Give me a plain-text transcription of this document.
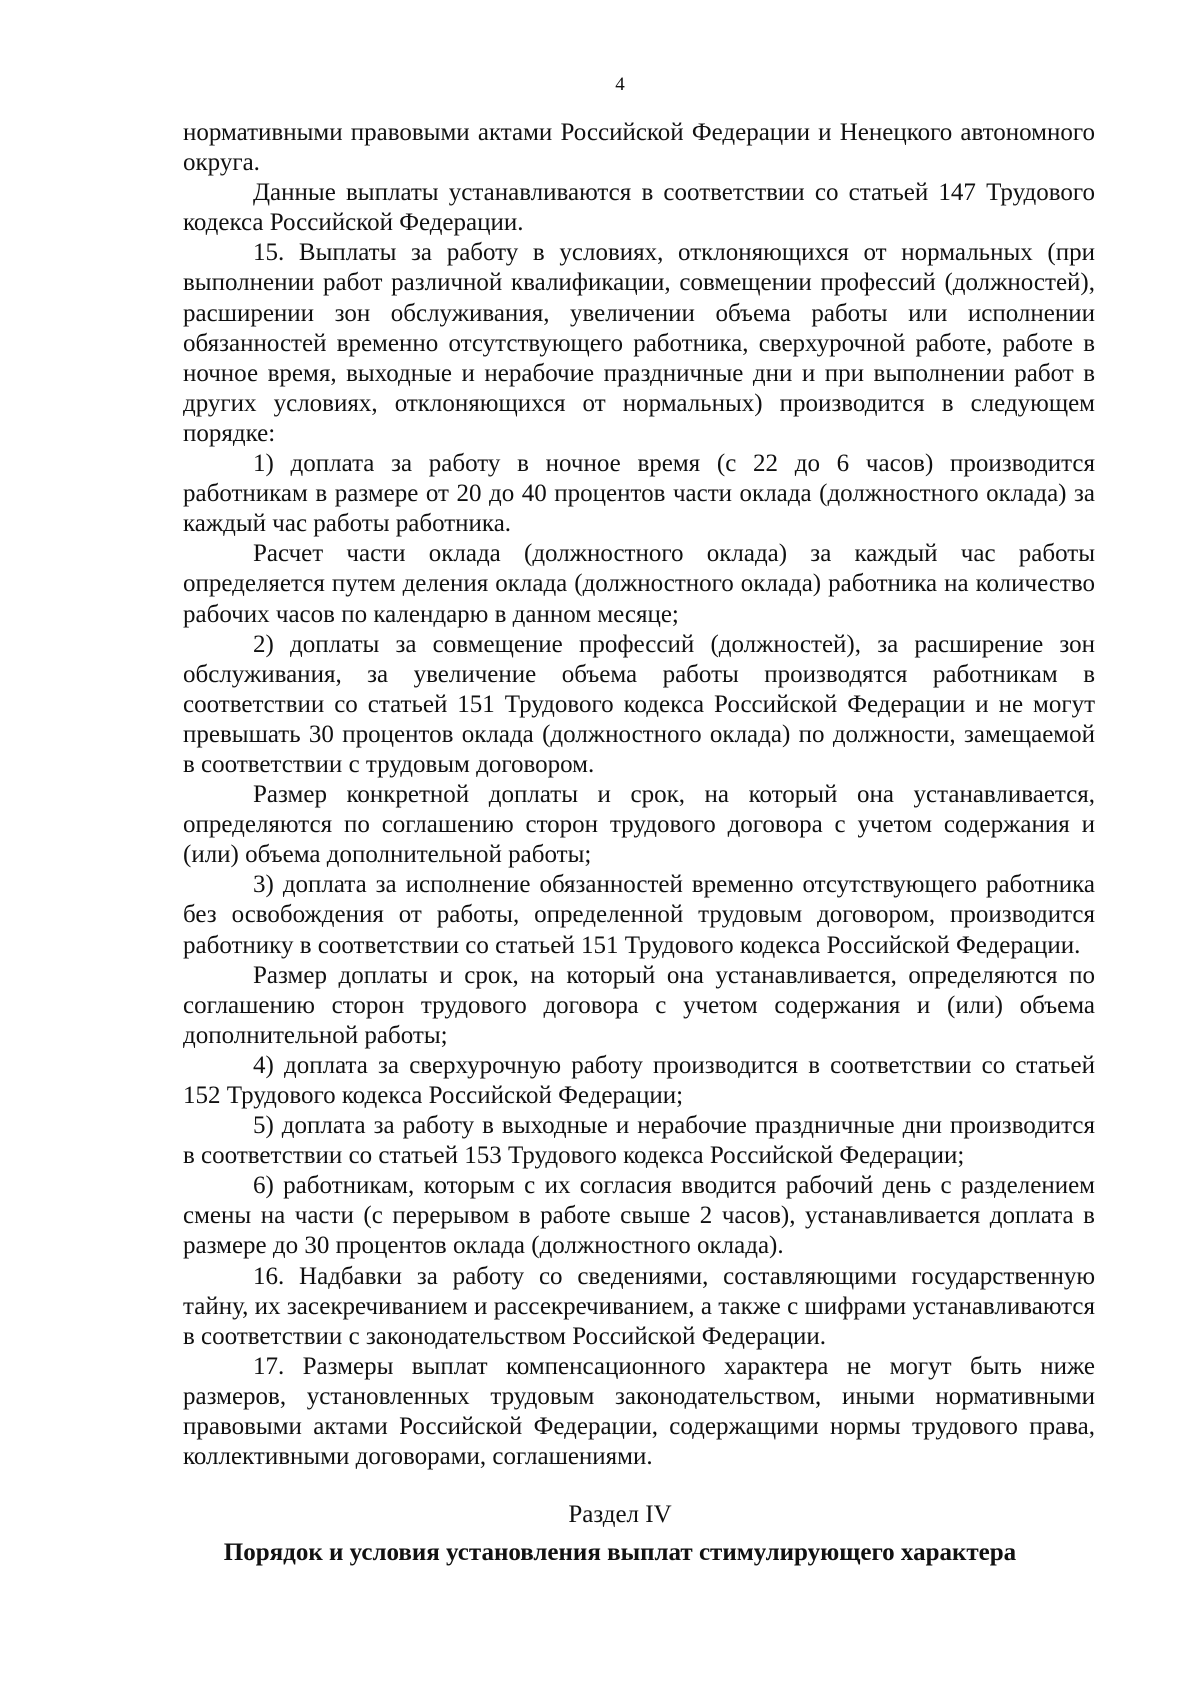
4

нормативными правовыми актами Российской Федерации и Ненецкого автономного округа.

Данные выплаты устанавливаются в соответствии со статьей 147 Трудового кодекса Российской Федерации.

15. Выплаты за работу в условиях, отклоняющихся от нормальных (при выполнении работ различной квалификации, совмещении профессий (должностей), расширении зон обслуживания, увеличении объема работы или исполнении обязанностей временно отсутствующего работника, сверхурочной работе, работе в ночное время, выходные и нерабочие праздничные дни и при выполнении работ в других условиях, отклоняющихся от нормальных) производится в следующем порядке:

1) доплата за работу в ночное время (с 22 до 6 часов) производится работникам в размере от 20 до 40 процентов части оклада (должностного оклада) за каждый час работы работника.

Расчет части оклада (должностного оклада) за каждый час работы определяется путем деления оклада (должностного оклада) работника на количество рабочих часов по календарю в данном месяце;

2) доплаты за совмещение профессий (должностей), за расширение зон обслуживания, за увеличение объема работы производятся работникам в соответствии со статьей 151 Трудового кодекса Российской Федерации и не могут превышать 30 процентов оклада (должностного оклада) по должности, замещаемой в соответствии с трудовым договором.

Размер конкретной доплаты и срок, на который она устанавливается, определяются по соглашению сторон трудового договора с учетом содержания и (или) объема дополнительной работы;

3) доплата за исполнение обязанностей временно отсутствующего работника без освобождения от работы, определенной трудовым договором, производится работнику в соответствии со статьей 151 Трудового кодекса Российской Федерации.

Размер доплаты и срок, на который она устанавливается, определяются по соглашению сторон трудового договора с учетом содержания и (или) объема дополнительной работы;

4) доплата за сверхурочную работу производится в соответствии со статьей 152 Трудового кодекса Российской Федерации;

5) доплата за работу в выходные и нерабочие праздничные дни производится в соответствии со статьей 153 Трудового кодекса Российской Федерации;

6) работникам, которым с их согласия вводится рабочий день с разделением смены на части (с перерывом в работе свыше 2 часов), устанавливается доплата в размере до 30 процентов оклада (должностного оклада).

16. Надбавки за работу со сведениями, составляющими государственную тайну, их засекречиванием и рассекречиванием, а также с шифрами устанавливаются в соответствии с законодательством Российской Федерации.

17. Размеры выплат компенсационного характера не могут быть ниже размеров, установленных трудовым законодательством, иными нормативными правовыми актами Российской Федерации, содержащими нормы трудового права, коллективными договорами, соглашениями.

Раздел IV
Порядок и условия установления выплат стимулирующего характера
